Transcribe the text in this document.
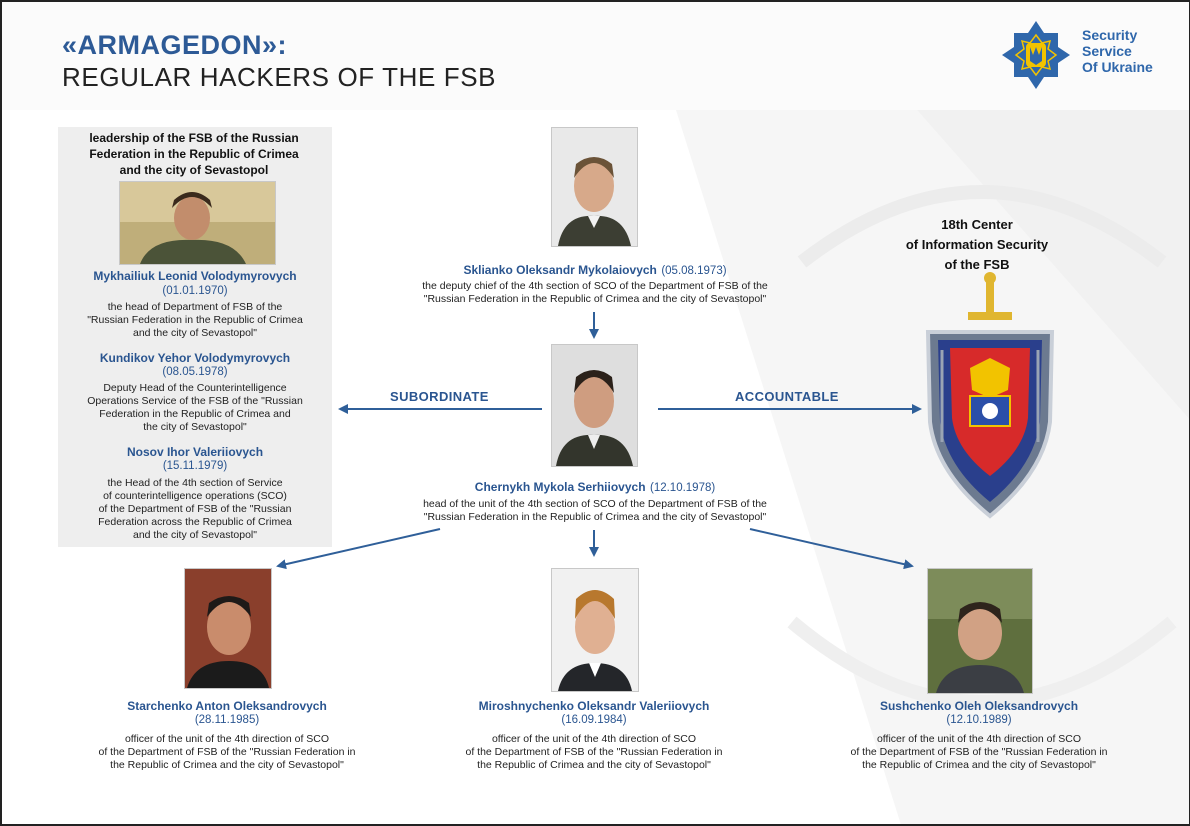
«ARMAGEDON»:
REGULAR HACKERS OF THE FSB
Security
Service
Of Ukraine
leadership of the FSB of the Russian
Federation in the Republic of Crimea
and the city of Sevastopol
Mykhailiuk Leonid Volodymyrovych
(01.01.1970)
the head of Department of FSB of the
"Russian Federation in the Republic of Crimea
and the city of Sevastopol"
Kundikov Yehor Volodymyrovych
(08.05.1978)
Deputy Head of the Counterintelligence
Operations Service of the FSB of the "Russian
Federation in the Republic of Crimea and
the city of Sevastopol"
Nosov Ihor Valeriiovych
(15.11.1979)
the Head of the 4th section of Service
of counterintelligence operations (SCO)
of the Department of FSB of the "Russian
Federation across the Republic of Crimea
and the city of Sevastopol"
Sklianko Oleksandr Mykolaiovych (05.08.1973)
the deputy chief of the 4th section of SCO of the Department of FSB of the
"Russian Federation in the Republic of Crimea and the city of Sevastopol"
Chernykh Mykola Serhiiovych (12.10.1978)
head of the unit of the 4th section of SCO of the Department of FSB of the
"Russian Federation in the Republic of Crimea and the city of Sevastopol"
SUBORDINATE	ACCOUNTABLE
18th Center
of Information Security
of the FSB
Starchenko Anton Oleksandrovych
(28.11.1985)
officer of the unit of the 4th direction of SCO
of the Department of FSB of the "Russian Federation in
the Republic of Crimea and the city of Sevastopol"
Miroshnychenko Oleksandr Valeriiovych
(16.09.1984)
officer of the unit of the 4th direction of SCO
of the Department of FSB of the "Russian Federation in
the Republic of Crimea and the city of Sevastopol"
Sushchenko Oleh Oleksandrovych
(12.10.1989)
officer of the unit of the 4th direction of SCO
of the Department of FSB of the "Russian Federation in
the Republic of Crimea and the city of Sevastopol"
